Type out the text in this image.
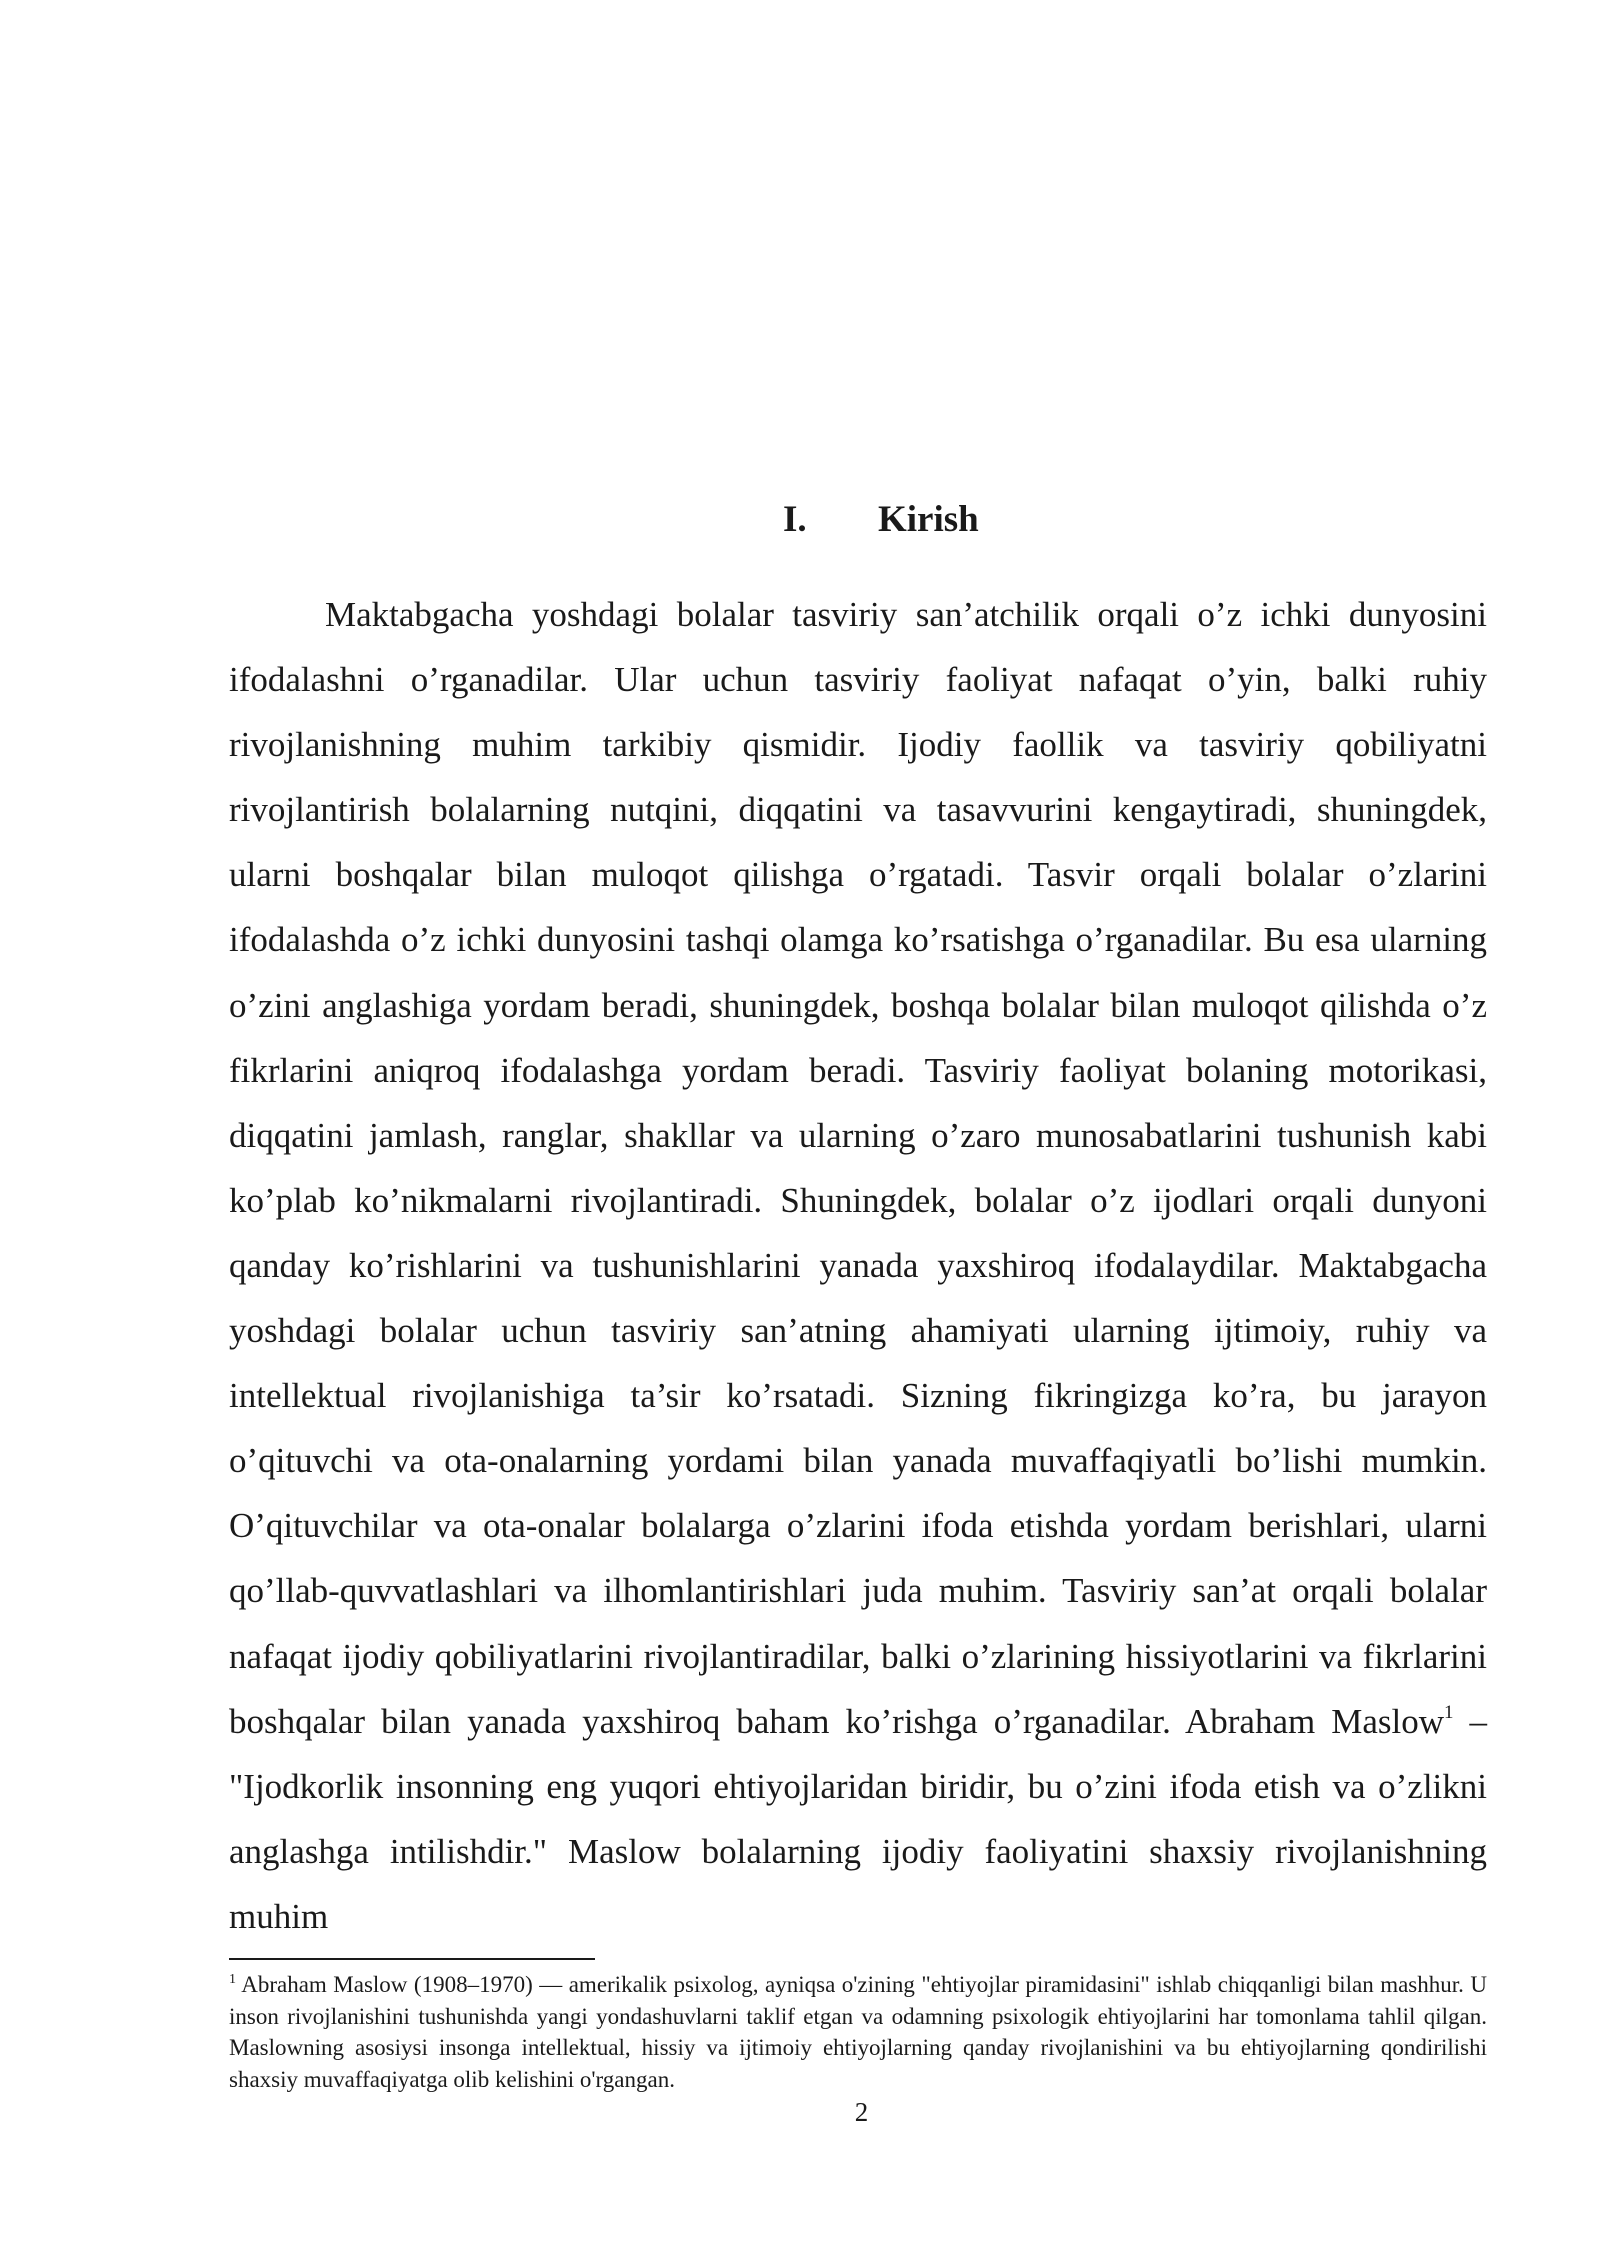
I. Kirish

Maktabgacha yoshdagi bolalar tasviriy san’atchilik orqali o’z ichki dunyosini ifodalashni o’rganadilar. Ular uchun tasviriy faoliyat nafaqat o’yin, balki ruhiy rivojlanishning muhim tarkibiy qismidir. Ijodiy faollik va tasviriy qobiliyatni rivojlantirish bolalarning nutqini, diqqatini va tasavvurini kengaytiradi, shuningdek, ularni boshqalar bilan muloqot qilishga o’rgatadi. Tasvir orqali bolalar o’zlarini ifodalashda o’z ichki dunyosini tashqi olamga ko’rsatishga o’rganadilar. Bu esa ularning o’zini anglashiga yordam beradi, shuningdek, boshqa bolalar bilan muloqot qilishda o’z fikrlarini aniqroq ifodalashga yordam beradi. Tasviriy faoliyat bolaning motorikasi, diqqatini jamlash, ranglar, shakllar va ularning o’zaro munosabatlarini tushunish kabi ko’plab ko’nikmalarni rivojlantiradi. Shuningdek, bolalar o’z ijodlari orqali dunyoni qanday ko’rishlarini va tushunishlarini yanada yaxshiroq ifodalaydilar. Maktabgacha yoshdagi bolalar uchun tasviriy san’atning ahamiyati ularning ijtimoiy, ruhiy va intellektual rivojlanishiga ta’sir ko’rsatadi. Sizning fikringizga ko’ra, bu jarayon o’qituvchi va ota-onalarning yordami bilan yanada muvaffaqiyatli bo’lishi mumkin. O’qituvchilar va ota-onalar bolalarga o’zlarini ifoda etishda yordam berishlari, ularni qo’llab-quvvatlashlari va ilhomlantirishlari juda muhim. Tasviriy san’at orqali bolalar nafaqat ijodiy qobiliyatlarini rivojlantiradilar, balki o’zlarining hissiyotlarini va fikrlarini boshqalar bilan yanada yaxshiroq baham ko’rishga o’rganadilar. Abraham Maslow$^1$ – "Ijodkorlik insonning eng yuqori ehtiyojlaridan biridir, bu o’zini ifoda etish va o’zlikni anglashga intilishdir." Maslow bolalarning ijodiy faoliyatini shaxsiy rivojlanishning muhim

$^1$ Abraham Maslow (1908–1970) — amerikalik psixolog, ayniqsa o'zining "ehtiyojlar piramidasini" ishlab chiqqanligi bilan mashhur. U inson rivojlanishini tushunishda yangi yondashuvlarni taklif etgan va odamning psixologik ehtiyojlarini har tomonlama tahlil qilgan. Maslowning asosiysi insonga intellektual, hissiy va ijtimoiy ehtiyojlarning qanday rivojlanishini va bu ehtiyojlarning qondirilishi shaxsiy muvaffaqiyatga olib kelishini o'rgangan.

2
